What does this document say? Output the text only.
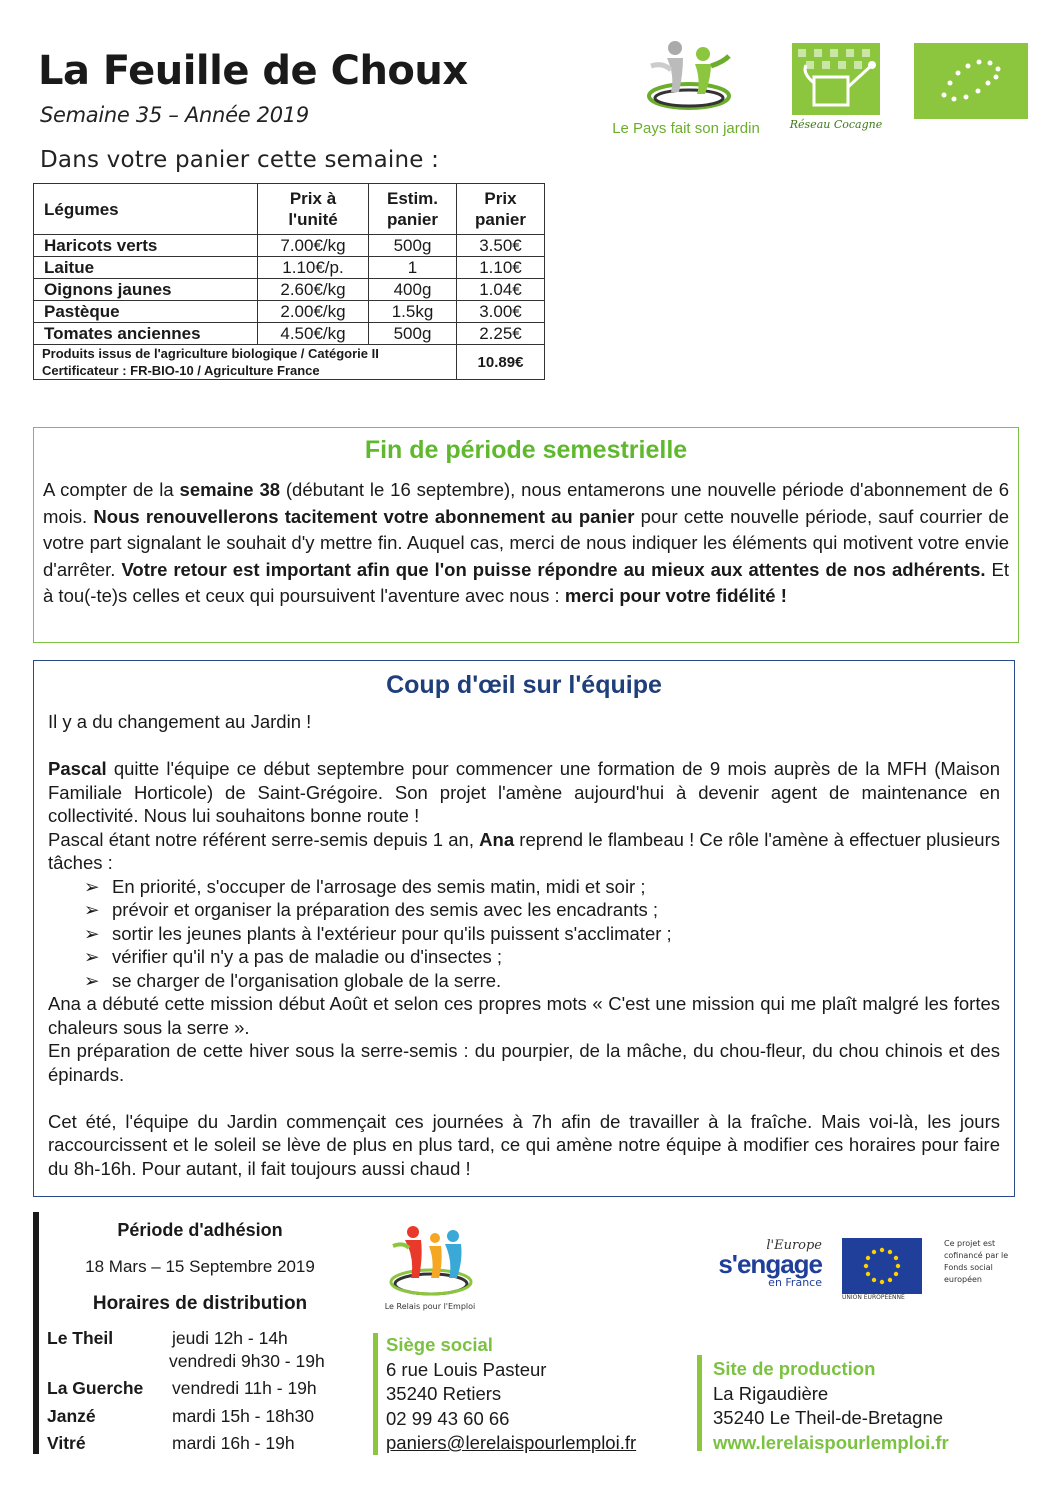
La Feuille de Choux
Semaine 35 – Année 2019
Dans votre panier cette semaine :
Le Pays fait son jardin	Réseau Cocagne
Légumes	Prix à l'unité	Estim. panier	Prix panier
Haricots verts	7.00€/kg	500g	3.50€
Laitue	1.10€/p.	1	1.10€
Oignons jaunes	2.60€/kg	400g	1.04€
Pastèque	2.00€/kg	1.5kg	3.00€
Tomates anciennes	4.50€/kg	500g	2.25€

Produits issus de l'agriculture biologique / Catégorie II
Certificateur : FR-BIO-10 / Agriculture France			10.89€
Fin de période semestrielle
A compter de la semaine 38 (débutant le 16 septembre), nous entamerons une nouvelle période d'abonnement de 6 mois. Nous renouvellerons tacitement votre abonnement au panier pour cette nouvelle période, sauf courrier de votre part signalant le souhait d'y mettre fin. Auquel cas, merci de nous indiquer les éléments qui motivent votre envie d'arrêter. Votre retour est important afin que l'on puisse répondre au mieux aux attentes de nos adhérents. Et à tou(-te)s celles et ceux qui poursuivent l'aventure avec nous : merci pour votre fidélité !
Coup d'œil sur l'équipe

Il y a du changement au Jardin !

Pascal quitte l'équipe ce début septembre pour commencer une formation de 9 mois auprès de la MFH (Maison Familiale Horticole) de Saint-Grégoire. Son projet l'amène aujourd'hui à devenir agent de maintenance en collectivité. Nous lui souhaitons bonne route !

Pascal étant notre référent serre-semis depuis 1 an, Ana reprend le flambeau ! Ce rôle l'amène à effectuer plusieurs tâches :

➢ En priorité, s'occuper de l'arrosage des semis matin, midi et soir ;
➢ prévoir et organiser la préparation des semis avec les encadrants ;
➢ sortir les jeunes plants à l'extérieur pour qu'ils puissent s'acclimater ;
➢ vérifier qu'il n'y a pas de maladie ou d'insectes ;
➢ se charger de l'organisation globale de la serre.

Ana a débuté cette mission début Août et selon ces propres mots « C'est une mission qui me plaît malgré les fortes chaleurs sous la serre ».

En préparation de cette hiver sous la serre-semis : du pourpier, de la mâche, du chou-fleur, du chou chinois et des épinards.

Cet été, l'équipe du Jardin commençait ces journées à 7h afin de travailler à la fraîche. Mais voi-là, les jours raccourcissent et le soleil se lève de plus en plus tard, ce qui amène notre équipe à modifier ces horaires pour faire du 8h-16h. Pour autant, il fait toujours aussi chaud !

Période d'adhésion
18 Mars – 15 Septembre 2019
Horaires de distribution
Le Theil	jeudi 12h - 14h
vendredi 9h30 - 19h
La Guerche vendredi 11h - 19h
Janzé	mardi 15h - 18h30
Vitré	mardi 16h - 19h
Le Relais pour l'Emploi
Siège social
6 rue Louis Pasteur
35240 Retiers
02 99 43 60 66
paniers@lerelaispourlemploi.fr
Site de production
La Rigaudière
35240 Le Theil-de-Bretagne
www.lerelaispourlemploi.fr
l'Europe
s'engage
en France
UNION EUROPÉENNE
Ce projet est cofinancé par le Fonds social européen
